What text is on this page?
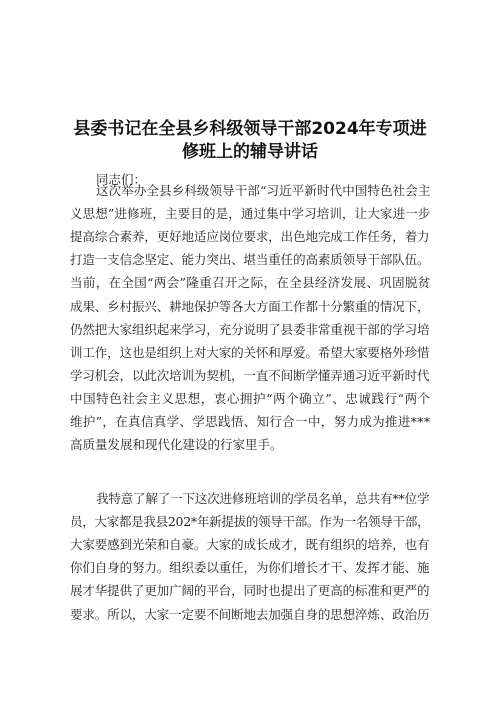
县委书记在全县乡科级领导干部2024年专项进
修班上的辅导讲话
同志们：
这次举办全县乡科级领导干部“习近平新时代中国特色社会主
义思想”进修班，主要目的是，通过集中学习培训，让大家进一步
提高综合素养，更好地适应岗位要求，出色地完成工作任务，着力
打造一支信念坚定、能力突出、堪当重任的高素质领导干部队伍。
当前，在全国“两会”隆重召开之际，在全县经济发展、巩固脱贫
成果、乡村振兴、耕地保护等各大方面工作都十分繁重的情况下，
仍然把大家组织起来学习，充分说明了县委非常重视干部的学习培
训工作，这也是组织上对大家的关怀和厚爱。希望大家要格外珍惜
学习机会，以此次培训为契机，一直不间断学懂弄通习近平新时代
中国特色社会主义思想，衷心拥护“两个确立”、忠诚践行“两个
维护”，在真信真学、学思践悟、知行合一中，努力成为推进***
高质量发展和现代化建设的行家里手。
我特意了解了一下这次进修班培训的学员名单，总共有**位学
员，大家都是我县202*年新提拔的领导干部。作为一名领导干部，
大家要感到光荣和自豪。大家的成长成才，既有组织的培养，也有
你们自身的努力。组织委以重任，为你们增长才干、发挥才能、施
展才华提供了更加广阔的平台，同时也提出了更高的标准和更严的
要求。所以，大家一定要不间断地去加强自身的思想淬炼、政治历
